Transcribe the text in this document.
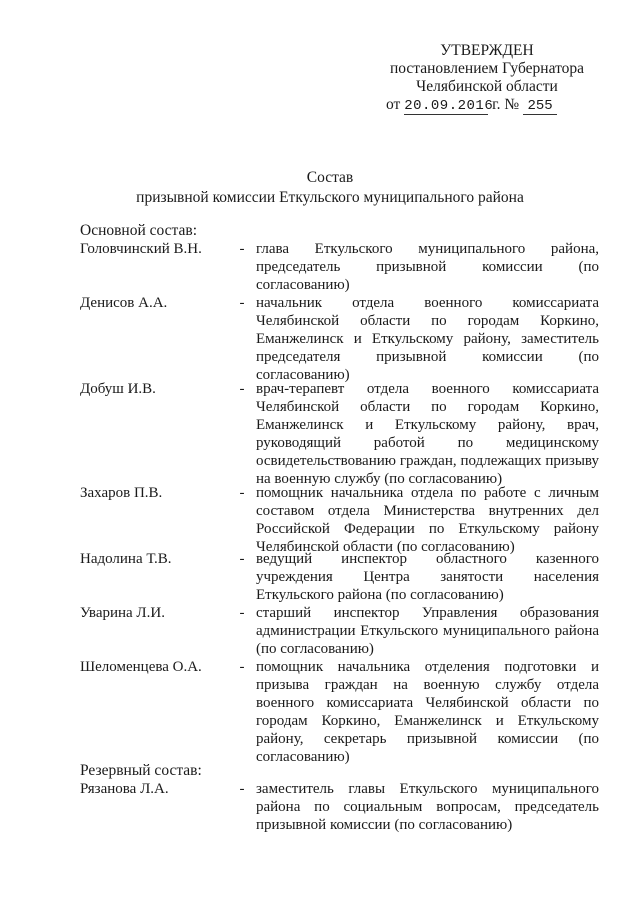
УТВЕРЖДЕН
постановлением Губернатора
Челябинской области
от 20.09.2016 г. № 255
Состав
призывной комиссии Еткульского муниципального района
Основной состав:
Головчинский В.Н.	- глава Еткульского муниципального района, председатель призывной комиссии (по согласованию)
Денисов А.А.	- начальник отдела военного комиссариата Челябинской области по городам Коркино, Еманжелинск и Еткульскому району, заместитель председателя призывной комиссии (по согласованию)
Добуш И.В.	- врач-терапевт отдела военного комиссариата Челябинской области по городам Коркино, Еманжелинск и Еткульскому району, врач, руководящий работой по медицинскому освидетельствованию граждан, подлежащих призыву на военную службу (по согласованию)
Захаров П.В.	- помощник начальника отдела по работе с личным составом отдела Министерства внутренних дел Российской Федерации по Еткульскому району Челябинской области (по согласованию)
Надолина Т.В.	- ведущий инспектор областного казенного учреждения Центра занятости населения Еткульского района (по согласованию)
Уварина Л.И.	- старший инспектор Управления образования администрации Еткульского муниципального района (по согласованию)
Шеломенцева О.А.	- помощник начальника отделения подготовки и призыва граждан на военную службу отдела военного комиссариата Челябинской области по городам Коркино, Еманжелинск и Еткульскому району, секретарь призывной комиссии (по согласованию)
Резервный состав:
Рязанова Л.А.	- заместитель главы Еткульского муниципального района по социальным вопросам, председатель призывной комиссии (по согласованию)
